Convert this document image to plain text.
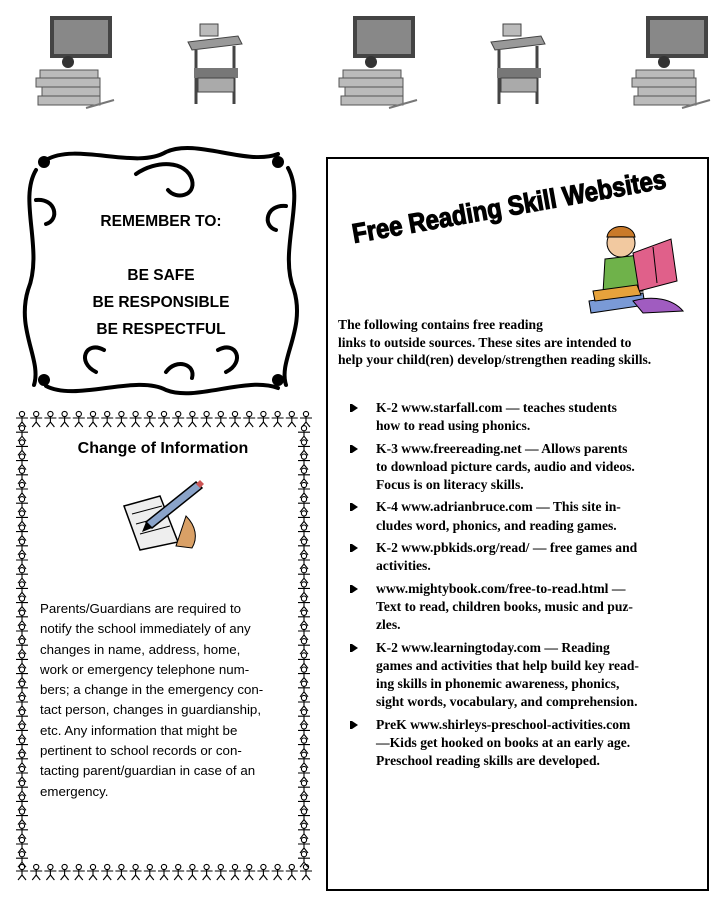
REMEMBER TO:
BE SAFE
BE RESPONSIBLE
BE RESPECTFUL
Change of Information
Parents/Guardians are required to
notify the school immediately of any
changes in name, address, home,
work or emergency telephone num-
bers; a change in the emergency con-
tact person, changes in guardianship,
etc. Any information that might be
pertinent to school records or con-
tacting parent/guardian in case of an
emergency.
Free Reading Skill Websites
The following contains free reading
links to outside sources. These sites are intended to
help your child(ren) develop/strengthen reading skills.
K-2 www.starfall.com — teaches students
how to read using phonics.
K-3 www.freereading.net — Allows parents
to download picture cards, audio and videos.
Focus is on literacy skills.
K-4 www.adrianbruce.com — This site in-
cludes word, phonics, and reading games.
K-2 www.pbkids.org/read/ — free games and
activities.
www.mightybook.com/free-to-read.html —
Text to read, children books, music and puz-
zles.
K-2 www.learningtoday.com — Reading
games and activities that help build key read-
ing skills in phonemic awareness, phonics,
sight words, vocabulary, and comprehension.
PreK www.shirleys-preschool-activities.com
—Kids get hooked on books at an early age.
Preschool reading skills are developed.
